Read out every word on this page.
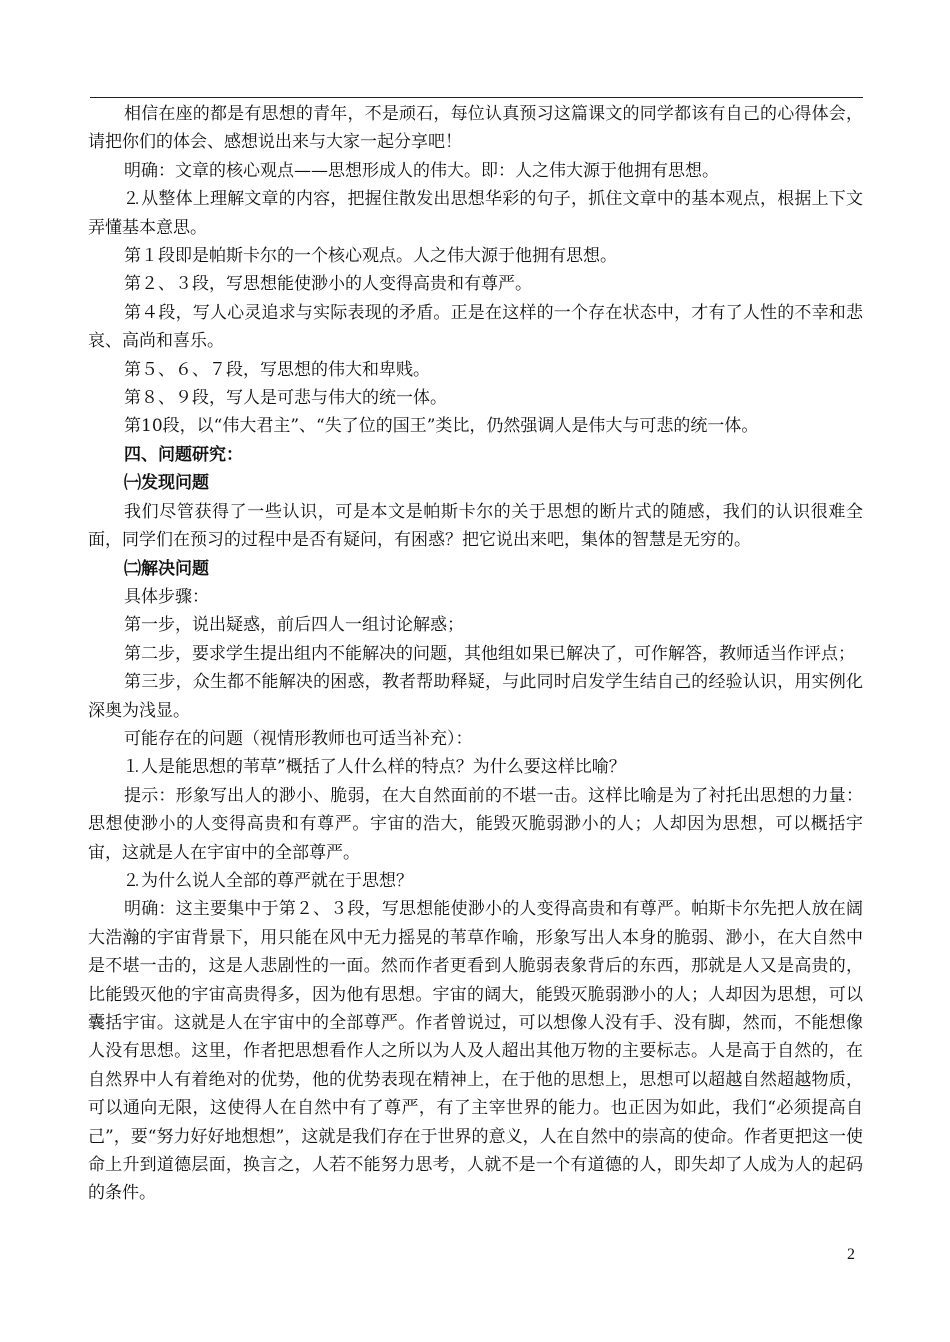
相信在座的都是有思想的青年，不是顽石，每位认真预习这篇课文的同学都该有自己的心得体会，请把你们的体会、感想说出来与大家一起分享吧！

明确：文章的核心观点——思想形成人的伟大。即：人之伟大源于他拥有思想。

⒉从整体上理解文章的内容，把握住散发出思想华彩的句子，抓住文章中的基本观点，根据上下文弄懂基本意思。

第１段即是帕斯卡尔的一个核心观点。人之伟大源于他拥有思想。

第２、３段，写思想能使渺小的人变得高贵和有尊严。

第４段，写人心灵追求与实际表现的矛盾。正是在这样的一个存在状态中，才有了人性的不幸和悲哀、高尚和喜乐。

第５、６、７段，写思想的伟大和卑贱。

第８、９段，写人是可悲与伟大的统一体。

第10段，以“伟大君主”、“失了位的国王”类比，仍然强调人是伟大与可悲的统一体。

四、问题研究：

㈠发现问题

我们尽管获得了一些认识，可是本文是帕斯卡尔的关于思想的断片式的随感，我们的认识很难全面，同学们在预习的过程中是否有疑问，有困惑？把它说出来吧，集体的智慧是无穷的。

㈡解决问题

具体步骤：

第一步，说出疑惑，前后四人一组讨论解惑；

第二步，要求学生提出组内不能解决的问题，其他组如果已解决了，可作解答，教师适当作评点；

第三步，众生都不能解决的困惑，教者帮助释疑，与此同时启发学生结自己的经验认识，用实例化深奥为浅显。

可能存在的问题（视情形教师也可适当补充）：

⒈人是能思想的苇草”概括了人什么样的特点？为什么要这样比喻？

提示：形象写出人的渺小、脆弱，在大自然面前的不堪一击。这样比喻是为了衬托出思想的力量：思想使渺小的人变得高贵和有尊严。宇宙的浩大，能毁灭脆弱渺小的人；人却因为思想，可以概括宇宙，这就是人在宇宙中的全部尊严。

⒉为什么说人全部的尊严就在于思想？

明确：这主要集中于第２、３段，写思想能使渺小的人变得高贵和有尊严。帕斯卡尔先把人放在阔大浩瀚的宇宙背景下，用只能在风中无力摇晃的苇草作喻，形象写出人本身的脆弱、渺小，在大自然中是不堪一击的，这是人悲剧性的一面。然而作者更看到人脆弱表象背后的东西，那就是人又是高贵的，比能毁灭他的宇宙高贵得多，因为他有思想。宇宙的阔大，能毁灭脆弱渺小的人；人却因为思想，可以囊括宇宙。这就是人在宇宙中的全部尊严。作者曾说过，可以想像人没有手、没有脚，然而，不能想像人没有思想。这里，作者把思想看作人之所以为人及人超出其他万物的主要标志。人是高于自然的，在自然界中人有着绝对的优势，他的优势表现在精神上，在于他的思想上，思想可以超越自然超越物质，可以通向无限，这使得人在自然中有了尊严，有了主宰世界的能力。也正因为如此，我们“必须提高自己”，要“努力好好地想想”，这就是我们存在于世界的意义，人在自然中的崇高的使命。作者更把这一使命上升到道德层面，换言之，人若不能努力思考，人就不是一个有道德的人，即失却了人成为人的起码的条件。

2
